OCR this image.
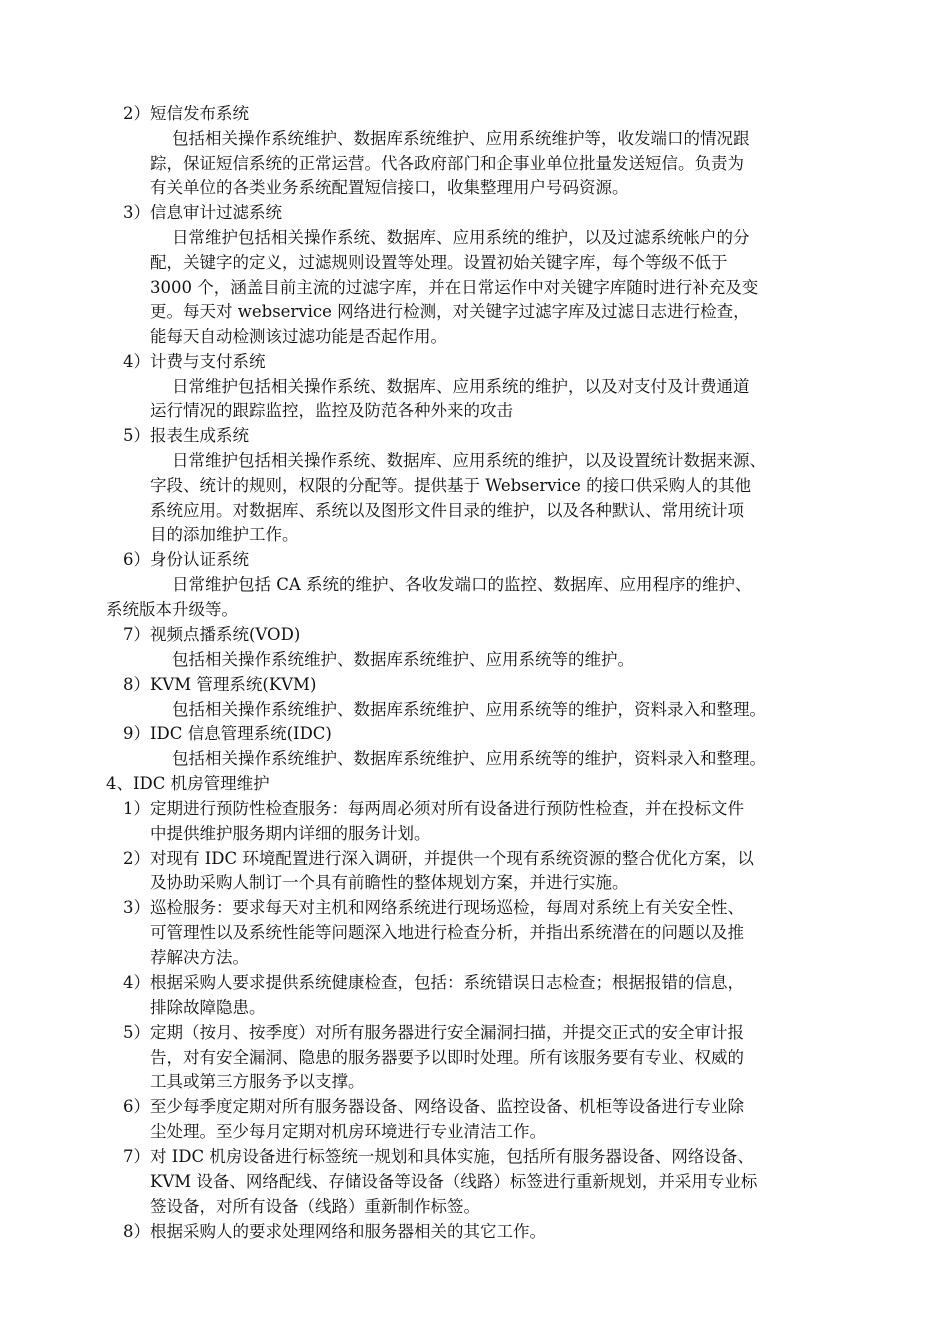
2）短信发布系统
包括相关操作系统维护、数据库系统维护、应用系统维护等，收发端口的情况跟
踪，保证短信系统的正常运营。代各政府部门和企事业单位批量发送短信。负责为
有关单位的各类业务系统配置短信接口，收集整理用户号码资源。
3）信息审计过滤系统
日常维护包括相关操作系统、数据库、应用系统的维护，以及过滤系统帐户的分
配，关键字的定义，过滤规则设置等处理。设置初始关键字库，每个等级不低于
3000 个，涵盖目前主流的过滤字库，并在日常运作中对关键字库随时进行补充及变
更。每天对 webservice 网络进行检测，对关键字过滤字库及过滤日志进行检查，
能每天自动检测该过滤功能是否起作用。
4）计费与支付系统
日常维护包括相关操作系统、数据库、应用系统的维护，以及对支付及计费通道
运行情况的跟踪监控，监控及防范各种外来的攻击
5）报表生成系统
日常维护包括相关操作系统、数据库、应用系统的维护，以及设置统计数据来源、
字段、统计的规则，权限的分配等。提供基于 Webservice 的接口供采购人的其他
系统应用。对数据库、系统以及图形文件目录的维护，以及各种默认、常用统计项
目的添加维护工作。
6）身份认证系统
日常维护包括 CA 系统的维护、各收发端口的监控、数据库、应用程序的维护、
系统版本升级等。
7）视频点播系统(VOD)
包括相关操作系统维护、数据库系统维护、应用系统等的维护。
8）KVM 管理系统(KVM)
包括相关操作系统维护、数据库系统维护、应用系统等的维护，资料录入和整理。
9）IDC 信息管理系统(IDC)
包括相关操作系统维护、数据库系统维护、应用系统等的维护，资料录入和整理。
4、IDC 机房管理维护
1）定期进行预防性检查服务：每两周必须对所有设备进行预防性检查，并在投标文件
中提供维护服务期内详细的服务计划。
2）对现有 IDC 环境配置进行深入调研，并提供一个现有系统资源的整合优化方案，以
及协助采购人制订一个具有前瞻性的整体规划方案，并进行实施。
3）巡检服务：要求每天对主机和网络系统进行现场巡检，每周对系统上有关安全性、
可管理性以及系统性能等问题深入地进行检查分析，并指出系统潜在的问题以及推
荐解决方法。
4）根据采购人要求提供系统健康检查，包括：系统错误日志检查；根据报错的信息，
排除故障隐患。
5）定期（按月、按季度）对所有服务器进行安全漏洞扫描，并提交正式的安全审计报
告，对有安全漏洞、隐患的服务器要予以即时处理。所有该服务要有专业、权威的
工具或第三方服务予以支撑。
6）至少每季度定期对所有服务器设备、网络设备、监控设备、机柜等设备进行专业除
尘处理。至少每月定期对机房环境进行专业清洁工作。
7）对 IDC 机房设备进行标签统一规划和具体实施，包括所有服务器设备、网络设备、
KVM 设备、网络配线、存储设备等设备（线路）标签进行重新规划，并采用专业标
签设备，对所有设备（线路）重新制作标签。
8）根据采购人的要求处理网络和服务器相关的其它工作。
